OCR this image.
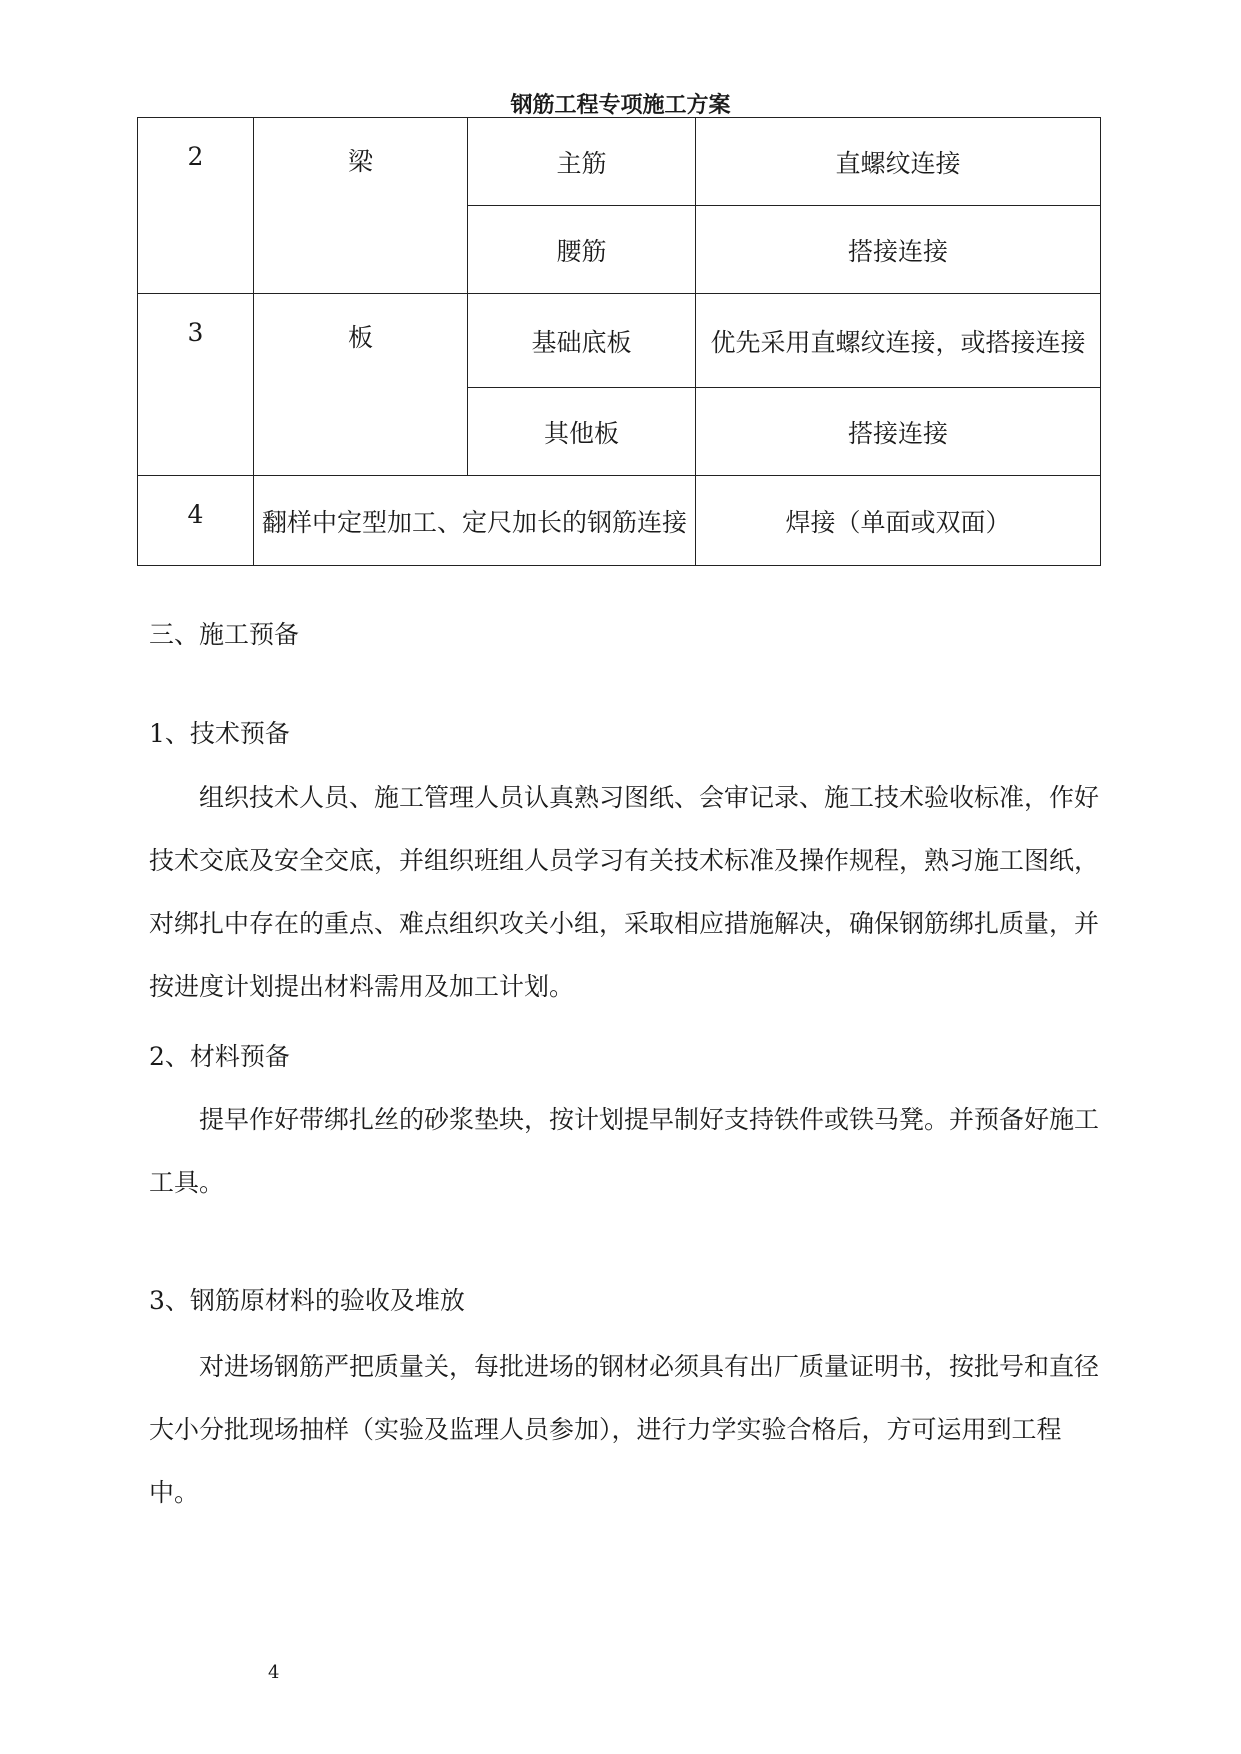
钢筋工程专项施工方案
2	梁	主筋	直螺纹连接
		腰筋	搭接连接
3	板	基础底板	优先采用直螺纹连接，或搭接连接
		其他板	搭接连接
4	翻样中定型加工、定尺加长的钢筋连接		焊接（单面或双面）
三、施工预备
1、技术预备
组织技术人员、施工管理人员认真熟习图纸、会审记录、施工技术验收标准，作好技术交底及安全交底，并组织班组人员学习有关技术标准及操作规程，熟习施工图纸，对绑扎中存在的重点、难点组织攻关小组，采取相应措施解决，确保钢筋绑扎质量，并按进度计划提出材料需用及加工计划。
2、材料预备
提早作好带绑扎丝的砂浆垫块，按计划提早制好支持铁件或铁马凳。并预备好施工工具。
3、钢筋原材料的验收及堆放
对进场钢筋严把质量关，每批进场的钢材必须具有出厂质量证明书，按批号和直径大小分批现场抽样（实验及监理人员参加），进行力学实验合格后，方可运用到工程中。
4
